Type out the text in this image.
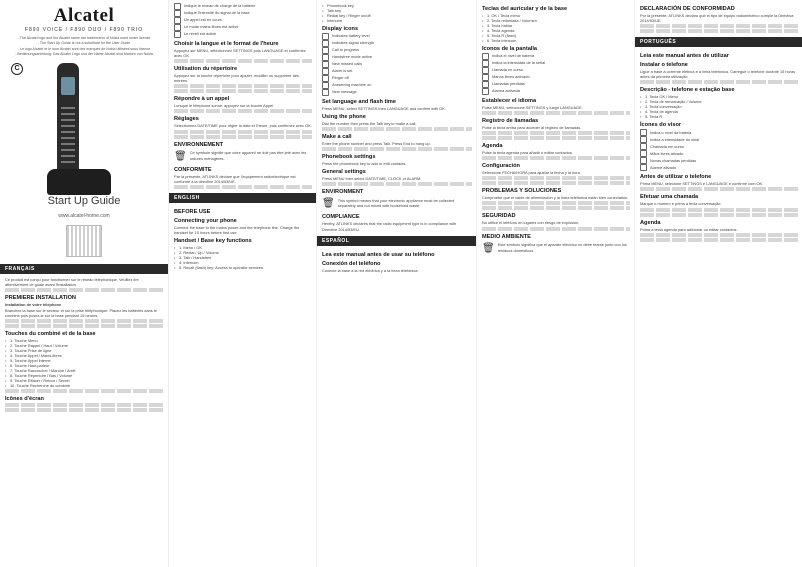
Alcatel
F890 VOICE / F890 DUO / F890 TRIO
- The Alcatel logo and the Alcatel name are trademarks of Nokia used under license
- The Start Up Guide is not a substitute for the User Guide
- Le logo Alcatel et le nom Alcatel sont des marques de Nokia utilisées sous licence
- Bedienungsanleitung: Das Alcatel Logo und der Name Alcatel sind Marken von Nokia
C
Start Up Guide
www.alcatel-home.com
FRANÇAIS
Ce produit est conçu pour fonctionner sur le réseau téléphonique. Veuillez lire attentivement ce guide avant l'installation.
PREMIERE INSTALLATION
Installation de votre téléphone
Branchez la base sur le secteur et sur la prise téléphonique. Placez les batteries dans le combiné puis posez-le sur la base pendant 15 heures.
Touches du combiné et de la base
• 1. Touche Menu
• 2. Touche Rappel / Haut / Volume
• 3. Touche Prise de ligne
• 4. Touche Appel / Mains-libres
• 5. Touche Appel interne
• 6. Touche Haut-parleur
• 7. Touche Raccrocher / Marche / Arrêt
• 8. Touche Répertoire / Bas / Volume
• 9. Touche Effacer / Retour / Secret
• 10. Touche Recherche du combiné
Icônes d'écran
Indique le niveau de charge de la batterie
Indique l'intensité du signal de la base
Un appel est en cours
Le mode mains libres est activé
Le réveil est activé
Choisir la langue et le format de l'heure
Appuyez sur MENU, sélectionnez SETTINGS puis LANGUAGE et confirmez avec OK.
Utilisation du répertoire
Appuyez sur la touche répertoire pour ajouter, modifier ou supprimer des entrées.
Répondre à un appel
Lorsque le téléphone sonne, appuyez sur la touche Appel.
Réglages
Sélectionnez DATE/TIME pour régler la date et l'heure, puis confirmez avec OK.
ENVIRONNEMENT
🗑 Ce symbole signifie que votre appareil ne doit pas être jeté avec les ordures ménagères.
CONFORMITE
Par la présente, ATLINKS déclare que l'équipement radioélectrique est conforme à la directive 2014/53/UE.
ENGLISH
BEFORE USE
Connecting your phone
Connect the base to the mains power and the telephone line. Charge the handset for 15 hours before first use.
Handset / Base key functions
• 1. Menu / OK
• 2. Redial / Up / Volume
• 3. Talk / Handsfree
• 4. Intercom
• 5. Recall (flash) key: Access to operator services
• Phonebook key
• Talk key
• Redial key / Ringer on/off
• Intercom
Display icons
Indicates battery level
Indicates signal strength
Call in progress
Handsfree mode active
New missed calls
Alarm is set
Ringer off
Answering machine on
New message
Set language and flash time
Press MENU, select SETTINGS then LANGUAGE and confirm with OK.
Using the phone
Dial the number then press the Talk key to make a call.
Make a call
Enter the phone number and press Talk. Press End to hang up.
Phonebook settings
Press the phonebook key to add or edit contacts.
General settings
Press MENU then select DATE/TIME, CLOCK or ALARM.
ENVIRONMENT
🗑 This symbol means that your electronic appliance must be collected separately and not mixed with household waste.
COMPLIANCE
Hereby, ATLINKS declares that the radio equipment type is in compliance with Directive 2014/53/EU.
ESPAÑOL
Lea este manual antes de usar su teléfono
Conexión del teléfono
Conecte la base a la red eléctrica y a la línea telefónica.
Teclas del auricular y de la base
• 1. OK / Tecla menú
• 2. Tecla rellamada / Volumen
• 3. Tecla hablar
• 4. Tecla agenda
• 5. Tecla R (flash)
• 6. Tecla intercom
Iconos de la pantalla
Indica el nivel de batería
Indica la intensidad de la señal
Llamada en curso
Manos libres activado
Llamadas perdidas
Alarma activada
Establecer el idioma
Pulse MENU, seleccione SETTINGS y luego LANGUAGE.
Registro de llamadas
Pulse la tecla arriba para acceder al registro de llamadas.
Agenda
Pulse la tecla agenda para añadir o editar contactos.
Configuración
Seleccione FECHA/HORA para ajustar la fecha y la hora.
PROBLEMAS Y SOLUCIONES
Compruebe que el cable de alimentación y la línea telefónica están bien conectados.
SEGURIDAD
No utilice el teléfono en lugares con riesgo de explosión.
MEDIO AMBIENTE
🗑 Este símbolo significa que el aparato eléctrico no debe tirarse junto con los residuos domésticos.
DECLARACIÓN DE CONFORMIDAD
Por la presente, ATLINKS declara que el tipo de equipo radioeléctrico cumple la Directiva 2014/53/UE.
PORTUGUÊS
Leia este manual antes de utilizar
Instalar o telefone
Ligue a base à corrente elétrica e à linha telefónica. Carregue o telefone durante 15 horas antes da primeira utilização.
Descrição - telefone e estação base
• 1. Tecla OK / Menu
• 2. Tecla de remarcação / Volume
• 3. Tecla conversação
• 4. Tecla de agenda
• 5. Tecla R
Ícones do visor
Indica o nível da bateria
Indica a intensidade do sinal
Chamada em curso
Mãos livres ativado
Novas chamadas perdidas
Alarme ativado
Antes de utilizar o telefone
Prima MENU, selecione SETTINGS e LANGUAGE e confirme com OK.
Efetuar uma chamada
Marque o número e prima a tecla conversação.
Agenda
Prima a tecla agenda para adicionar ou editar contactos.
